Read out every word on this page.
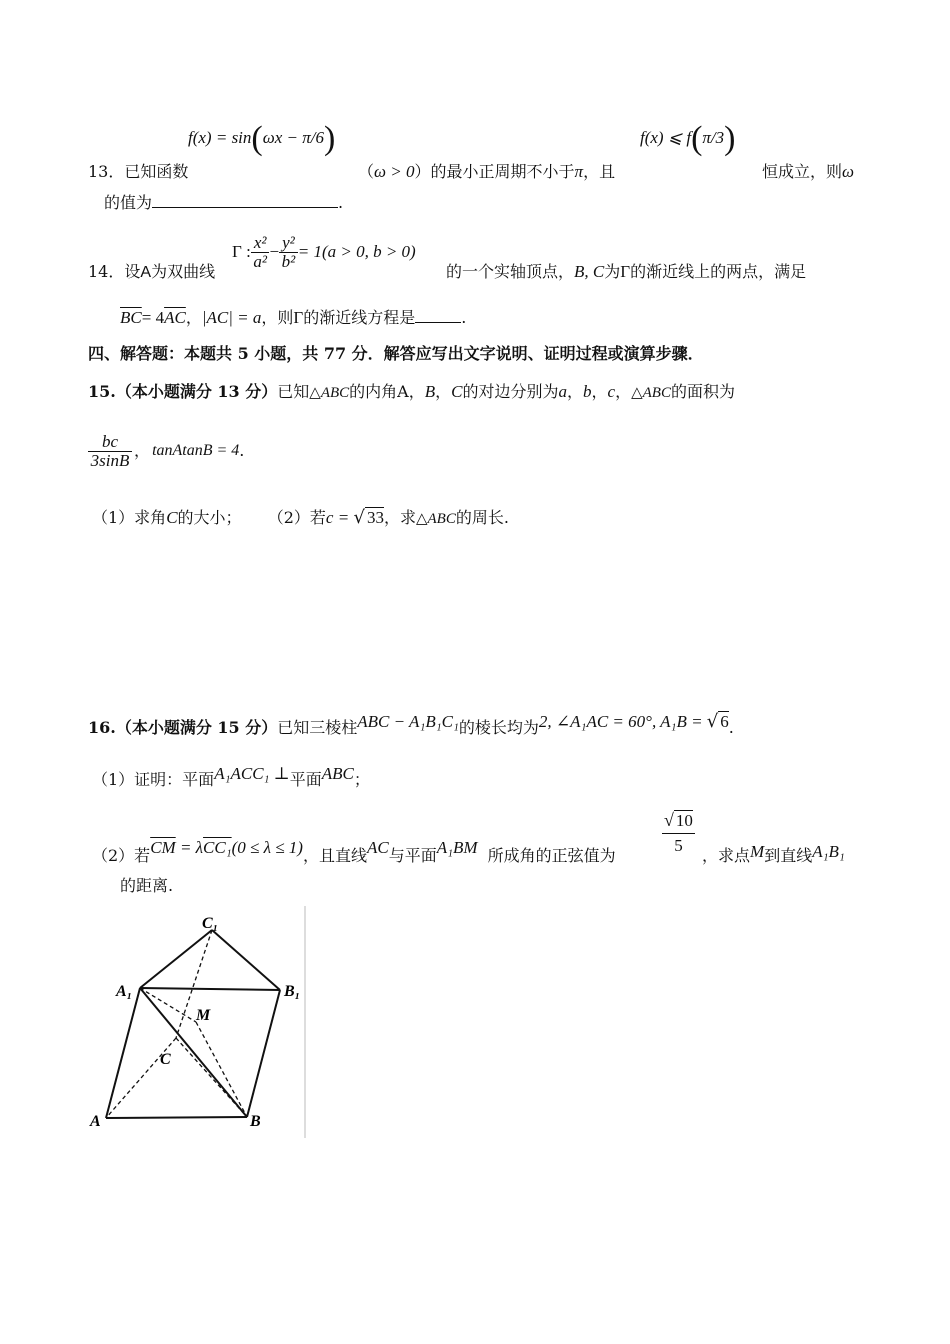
13．已知函数
f(x) = sin(ωx − π/6)
（ω > 0）的最小正周期不小于π，且
f(x) ⩽ f(π/3)
恒成立，则ω
的值为	.
14．设A为双曲线
Γ : $\frac{\text{x²}}{\text{a²}} - \frac{\text{y²}}{\text{b²}} = 1(a > 0$, b > 0)
的一个实轴顶点，B, C为Γ的渐近线上的两点，满足
$\overline{BC}= 4\overline{AC}$，|AC| = a，则Γ的渐近线方程是	.
四、解答题：本题共 5 小题，共 77 分．解答应写出文字说明、证明过程或演算步骤．
15.（本小题满分 13 分）已知△ABC的内角A，B，C的对边分别为a，b，c，△ABC的面积为
$\frac{bc}{3\sin B}$ ， tanAtanB = 4 .
（1）求角C的大小； （2）若c = √ 33，求△ABC的周长.
16.（本小题满分 15 分）已知三棱柱ABC − A₁B₁C₁的棱长均为2, ∠A₁AC = 60°, A₁B = √ 6.
（1）证明：平面A₁ACC₁ ⊥平面ABC；
（2）若$\overline{CM} = \lambda CC_1(0 \le \lambda \le 1)$，且直线AC与平面A₁BM 所成角的正弦值为
√ 10
5
，求点M到直线A₁B₁
的距离.
C₁
A₁	B₁
M
C
A	B
